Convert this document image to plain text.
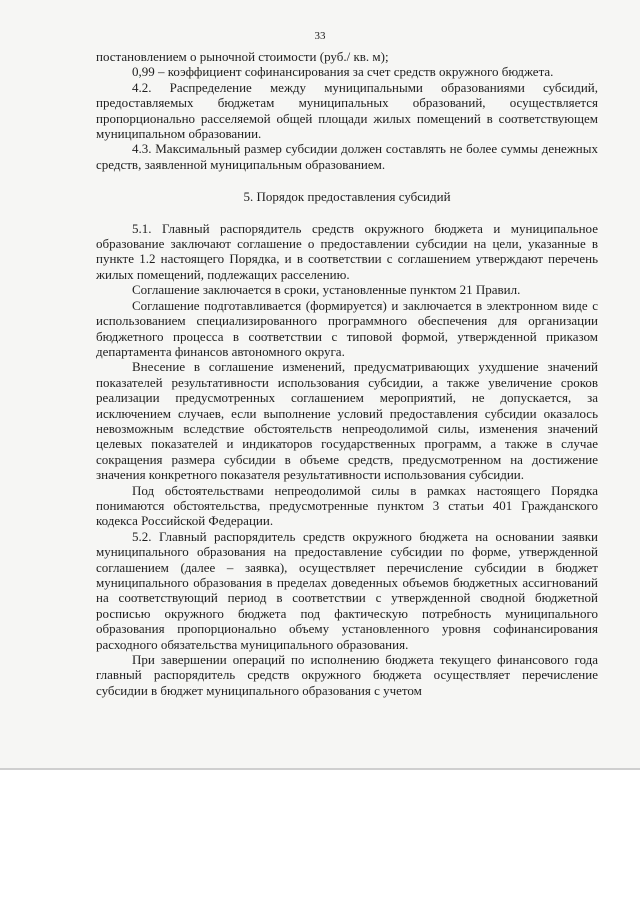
33

постановлением о рыночной стоимости (руб./ кв. м);

0,99 – коэффициент софинансирования за счет средств окружного бюджета.

4.2. Распределение между муниципальными образованиями субсидий, предоставляемых бюджетам муниципальных образований, осуществляется пропорционально расселяемой общей площади жилых помещений в соответствующем муниципальном образовании.

4.3. Максимальный размер субсидии должен составлять не более суммы денежных средств, заявленной муниципальным образованием.

5. Порядок предоставления субсидий

5.1. Главный распорядитель средств окружного бюджета и муниципальное образование заключают соглашение о предоставлении субсидии на цели, указанные в пункте 1.2 настоящего Порядка, и в соответствии с соглашением утверждают перечень жилых помещений, подлежащих расселению.

Соглашение заключается в сроки, установленные пунктом 21 Правил.

Соглашение подготавливается (формируется) и заключается в электронном виде с использованием специализированного программного обеспечения для организации бюджетного процесса в соответствии с типовой формой, утвержденной приказом департамента финансов автономного округа.

Внесение в соглашение изменений, предусматривающих ухудшение значений показателей результативности использования субсидии, а также увеличение сроков реализации предусмотренных соглашением мероприятий, не допускается, за исключением случаев, если выполнение условий предоставления субсидии оказалось невозможным вследствие обстоятельств непреодолимой силы, изменения значений целевых показателей и индикаторов государственных программ, а также в случае сокращения размера субсидии в объеме средств, предусмотренном на достижение значения конкретного показателя результативности использования субсидии.

Под обстоятельствами непреодолимой силы в рамках настоящего Порядка понимаются обстоятельства, предусмотренные пунктом 3 статьи 401 Гражданского кодекса Российской Федерации.

5.2. Главный распорядитель средств окружного бюджета на основании заявки муниципального образования на предоставление субсидии по форме, утвержденной соглашением (далее – заявка), осуществляет перечисление субсидии в бюджет муниципального образования в пределах доведенных объемов бюджетных ассигнований на соответствующий период в соответствии с утвержденной сводной бюджетной росписью окружного бюджета под фактическую потребность муниципального образования пропорционально объему установленного уровня софинансирования расходного обязательства муниципального образования.

При завершении операций по исполнению бюджета текущего финансового года главный распорядитель средств окружного бюджета осуществляет перечисление субсидии в бюджет муниципального образования с учетом
